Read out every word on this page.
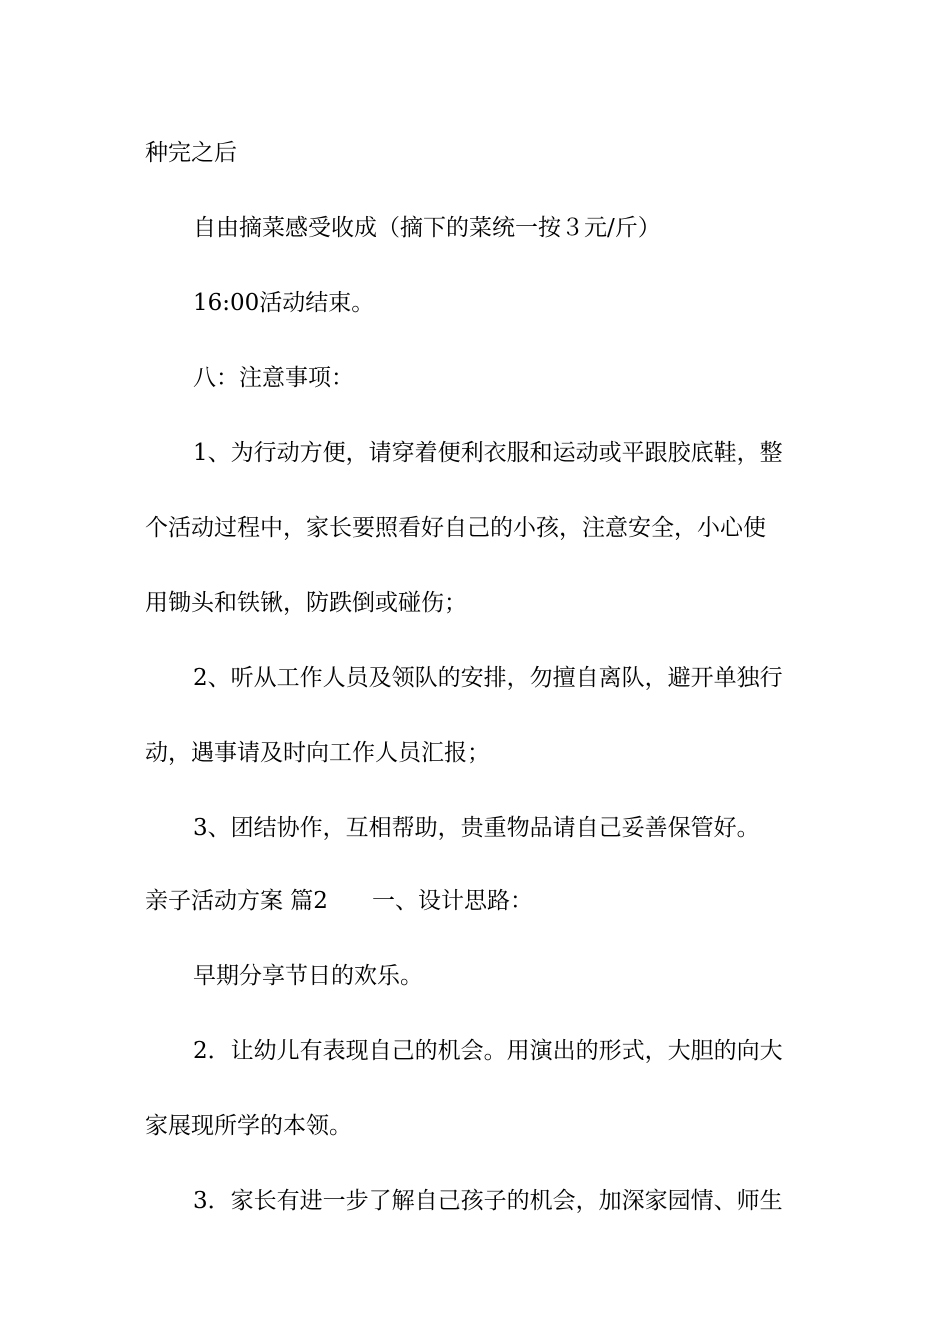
种完之后
自由摘菜感受收成（摘下的菜统一按３元/斤）
16:00活动结束。
八：注意事项：
1、为行动方便，请穿着便利衣服和运动或平跟胶底鞋，整
个活动过程中，家长要照看好自己的小孩，注意安全，小心使
用锄头和铁锹，防跌倒或碰伤；
2、听从工作人员及领队的安排，勿擅自离队，避开单独行
动，遇事请及时向工作人员汇报；
3、团结协作，互相帮助，贵重物品请自己妥善保管好。
亲子活动方案 篇2 一、设计思路：
早期分享节日的欢乐。
2．让幼儿有表现自己的机会。用演出的形式，大胆的向大
家展现所学的本领。
3．家长有进一步了解自己孩子的机会，加深家园情、师生
